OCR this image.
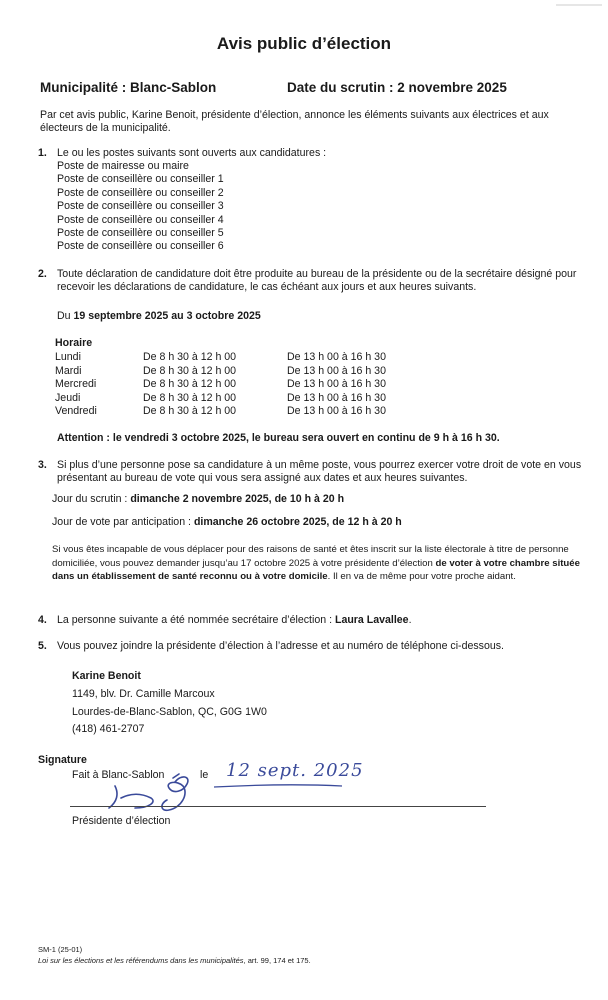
Avis public d’élection
Municipalité : Blanc-Sablon	Date du scrutin : 2 novembre 2025
Par cet avis public, Karine Benoit, présidente d’élection, annonce les éléments suivants aux électrices et aux électeurs de la municipalité.
1. Le ou les postes suivants sont ouverts aux candidatures :
Poste de mairesse ou maire
Poste de conseillère ou conseiller 1
Poste de conseillère ou conseiller 2
Poste de conseillère ou conseiller 3
Poste de conseillère ou conseiller 4
Poste de conseillère ou conseiller 5
Poste de conseillère ou conseiller 6
2. Toute déclaration de candidature doit être produite au bureau de la présidente ou de la secrétaire désigné pour recevoir les déclarations de candidature, le cas échéant aux jours et aux heures suivants.
Du 19 septembre 2025 au 3 octobre 2025
Horaire
Lundi	De 8 h 30 à 12 h 00	De 13 h 00 à 16 h 30
Mardi	De 8 h 30 à 12 h 00	De 13 h 00 à 16 h 30
Mercredi	De 8 h 30 à 12 h 00	De 13 h 00 à 16 h 30
Jeudi	De 8 h 30 à 12 h 00	De 13 h 00 à 16 h 30
Vendredi	De 8 h 30 à 12 h 00	De 13 h 00 à 16 h 30
Attention : le vendredi 3 octobre 2025, le bureau sera ouvert en continu de 9 h à 16 h 30.
3. Si plus d’une personne pose sa candidature à un même poste, vous pourrez exercer votre droit de vote en vous présentant au bureau de vote qui vous sera assigné aux dates et aux heures suivantes.
Jour du scrutin : dimanche 2 novembre 2025, de 10 h à 20 h
Jour de vote par anticipation : dimanche 26 octobre 2025, de 12 h à 20 h
Si vous êtes incapable de vous déplacer pour des raisons de santé et êtes inscrit sur la liste électorale à titre de personne domiciliée, vous pouvez demander jusqu’au 17 octobre 2025 à votre présidente d’élection de voter à votre chambre située dans un établissement de santé reconnu ou à votre domicile. Il en va de même pour votre proche aidant.
4. La personne suivante a été nommée secrétaire d’élection : Laura Lavallee.
5. Vous pouvez joindre la présidente d’élection à l’adresse et au numéro de téléphone ci-dessous.
Karine Benoit
1149, blv. Dr. Camille Marcoux
Lourdes-de-Blanc-Sablon, QC, G0G 1W0
(418) 461-2707
Signature
Fait à Blanc-Sablon	le 12 sept. 2025
Présidente d’élection
SM-1 (25-01)
Loi sur les élections et les référendums dans les municipalités, art. 99, 174 et 175.
